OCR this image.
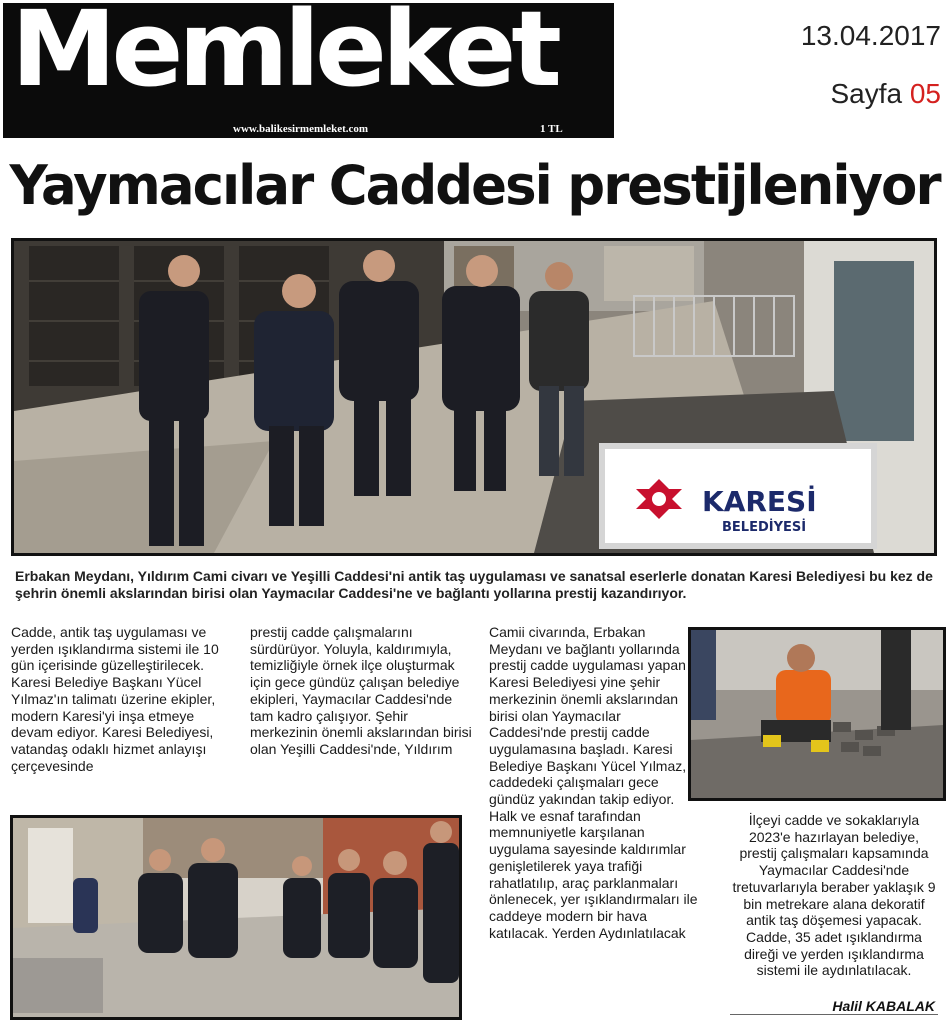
Memleket
www.balikesirmemleket.com	1 TL
13.04.2017
Sayfa 05
Yaymacılar Caddesi prestijleniyor
KARESİ
BELEDİYESİ
Erbakan Meydanı, Yıldırım Cami civarı ve Yeşilli Caddesi'ni antik taş uygulaması ve sanatsal eserlerle donatan Karesi Belediyesi bu kez de şehrin önemli akslarından birisi olan Yaymacılar Caddesi'ne ve bağlantı yollarına prestij kazandırıyor.
Cadde, antik taş uygulaması ve yerden ışıklandırma sistemi ile 10 gün içerisinde güzelleştirilecek. Karesi Belediye Başkanı Yücel Yılmaz'ın talimatı üzerine ekipler, modern Karesi'yi inşa etmeye devam ediyor. Karesi Belediyesi, vatandaş odaklı hizmet anlayışı çerçevesinde
prestij cadde çalışmalarını sürdürüyor. Yoluyla, kaldırımıyla, temizliğiyle örnek ilçe oluşturmak için gece gündüz çalışan belediye ekipleri, Yaymacılar Caddesi'nde tam kadro çalışıyor. Şehir merkezinin önemli akslarından birisi olan Yeşilli Caddesi'nde, Yıldırım
Camii civarında, Erbakan Meydanı ve bağlantı yollarında prestij cadde uygulaması yapan Karesi Belediyesi yine şehir merkezinin önemli akslarından birisi olan Yaymacılar Caddesi'nde prestij cadde uygulamasına başladı. Karesi Belediye Başkanı Yücel Yılmaz, caddedeki çalışmaları gece gündüz yakından takip ediyor. Halk ve esnaf tarafından memnuniyetle karşılanan uygulama sayesinde kaldırımlar genişletilerek yaya trafiği rahatlatılıp, araç parklanmaları önlenecek, yer ışıklandırmaları ile caddeye modern bir hava katılacak. Yerden Aydınlatılacak
İlçeyi cadde ve sokaklarıyla 2023'e hazırlayan belediye, prestij çalışmaları kapsamında Yaymacılar Caddesi'nde tretuvarlarıyla beraber yaklaşık 9 bin metrekare alana dekoratif antik taş döşemesi yapacak. Cadde, 35 adet ışıklandırma direği ve yerden ışıklandırma sistemi ile aydınlatılacak.
Halil KABALAK
